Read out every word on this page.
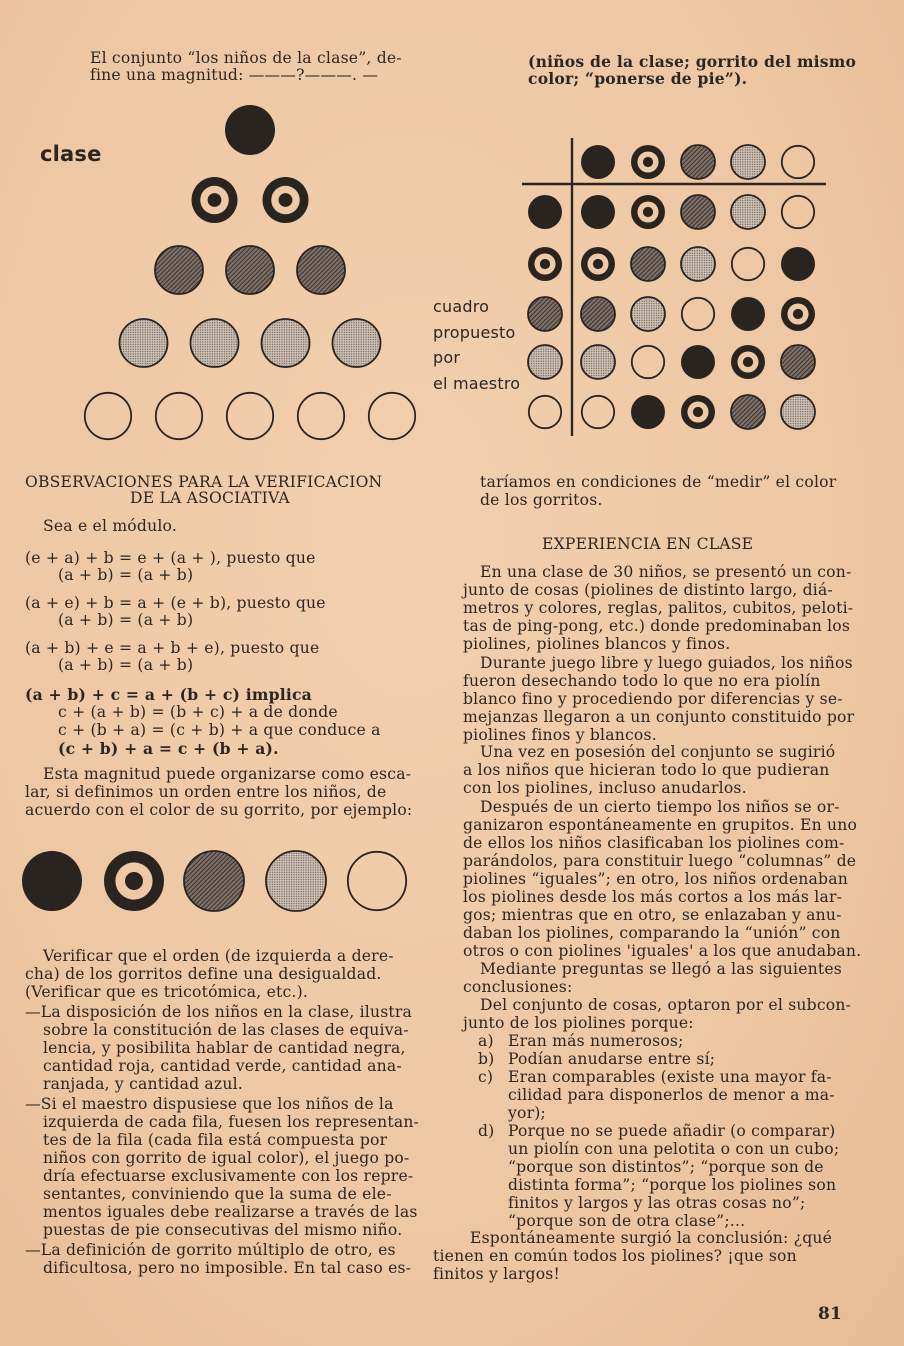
El conjunto “los niños de la clase”, de-
fine una magnitud: ———?———. —
(niños de la clase; gorrito del mismo
color; “ponerse de pie”).
clase
cuadro
propuesto
por
el maestro
OBSERVACIONES PARA LA VERIFICACION
DE LA ASOCIATIVA
Sea e el módulo.
(e + a) + b = e + (a + ), puesto que
(a + b) = (a + b)
(a + e) + b = a + (e + b), puesto que
(a + b) = (a + b)
(a + b) + e = a + b + e), puesto que
(a + b) = (a + b)
(a + b) + c = a + (b + c) implica
c + (a + b) = (b + c) + a de donde
c + (b + a) = (c + b) + a que conduce a
(c + b) + a = c + (b + a).
Esta magnitud puede organizarse como esca-
lar, si definimos un orden entre los niños, de
acuerdo con el color de su gorrito, por ejemplo:
Verificar que el orden (de izquierda a dere-
cha) de los gorritos define una desigualdad.
(Verificar que es tricotómica, etc.).
—La disposición de los niños en la clase, ilustra
sobre la constitución de las clases de equiva-
lencia, y posibilita hablar de cantidad negra,
cantidad roja, cantidad verde, cantidad ana-
ranjada, y cantidad azul.
—Si el maestro dispusiese que los niños de la
izquierda de cada fila, fuesen los representan-
tes de la fila (cada fila está compuesta por
niños con gorrito de igual color), el juego po-
dría efectuarse exclusivamente con los repre-
sentantes, conviniendo que la suma de ele-
mentos iguales debe realizarse a través de las
puestas de pie consecutivas del mismo niño.
—La definición de gorrito múltiplo de otro, es
dificultosa, pero no imposible. En tal caso es-
taríamos en condiciones de “medir” el color
de los gorritos.
EXPERIENCIA EN CLASE
En una clase de 30 niños, se presentó un con-
junto de cosas (piolines de distinto largo, diá-
metros y colores, reglas, palitos, cubitos, peloti-
tas de ping-pong, etc.) donde predominaban los
piolines, piolines blancos y finos.
Durante juego libre y luego guiados, los niños
fueron desechando todo lo que no era piolín
blanco fino y procediendo por diferencias y se-
mejanzas llegaron a un conjunto constituido por
piolines finos y blancos.
Una vez en posesión del conjunto se sugirió
a los niños que hicieran todo lo que pudieran
con los piolines, incluso anudarlos.
Después de un cierto tiempo los niños se or-
ganizaron espontáneamente en grupitos. En uno
de ellos los niños clasificaban los piolines com-
parándolos, para constituir luego “columnas” de
piolines “iguales”; en otro, los niños ordenaban
los piolines desde los más cortos a los más lar-
gos; mientras que en otro, se enlazaban y anu-
daban los piolines, comparando la “unión” con
otros o con piolines 'iguales' a los que anudaban.
Mediante preguntas se llegó a las siguientes
conclusiones:
Del conjunto de cosas, optaron por el subcon-
junto de los piolines porque:
a) Eran más numerosos;
b) Podían anudarse entre sí;
c) Eran comparables (existe una mayor fa-
cilidad para disponerlos de menor a ma-
yor);
d) Porque no se puede añadir (o comparar)
un piolín con una pelotita o con un cubo;
“porque son distintos”; “porque son de
distinta forma”; “porque los piolines son
finitos y largos y las otras cosas no”;
“porque son de otra clase”;...
Espontáneamente surgió la conclusión: ¿qué
tienen en común todos los piolines? ¡que son
finitos y largos!
81
